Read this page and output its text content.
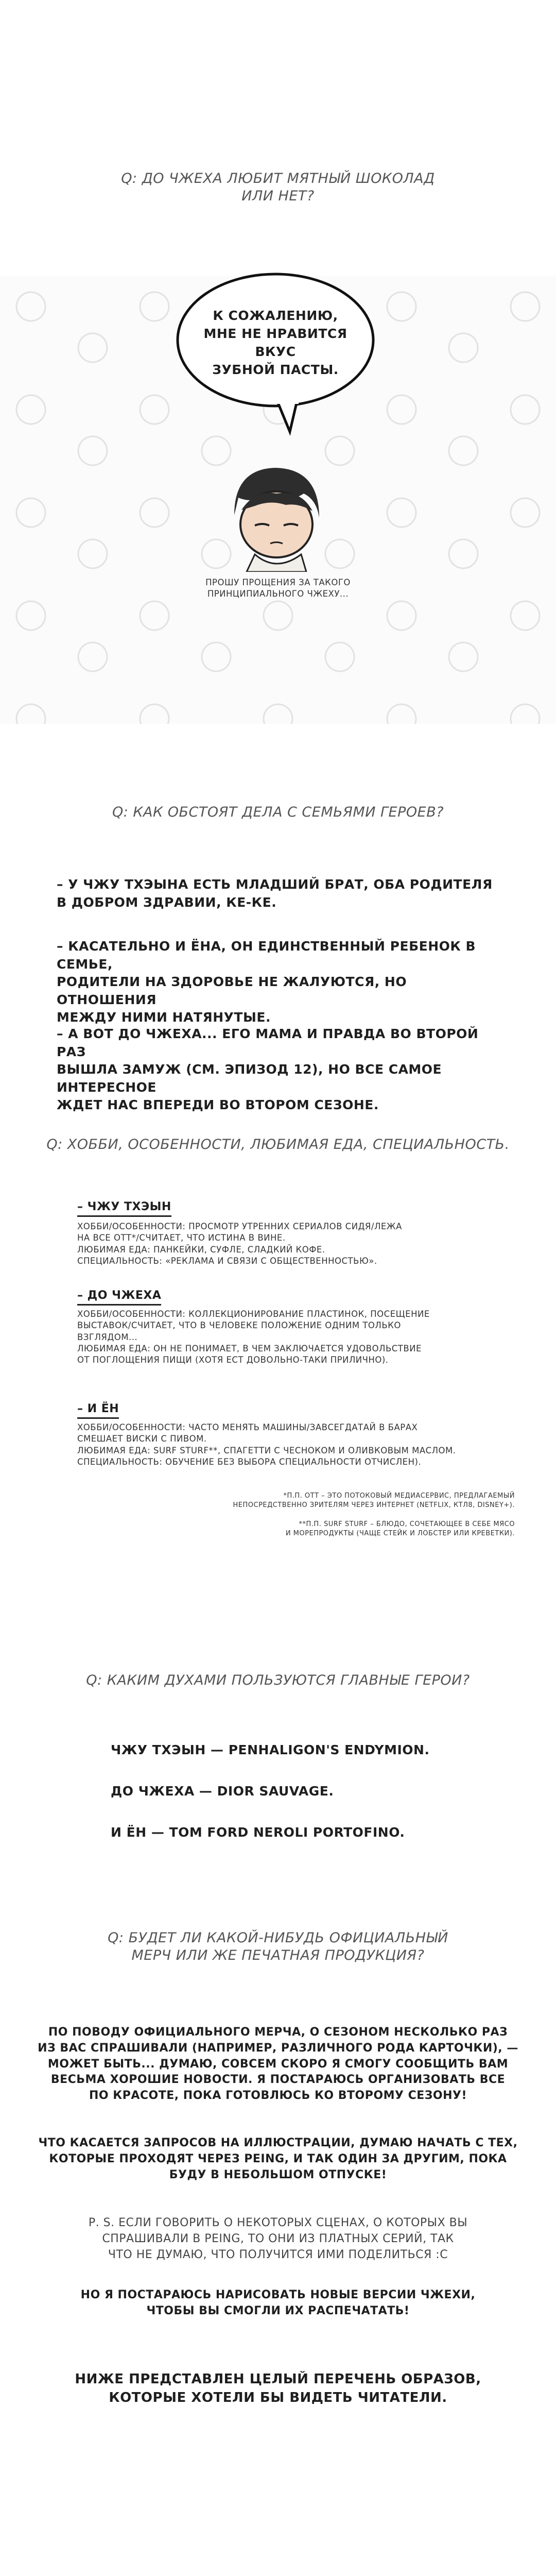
Q: ДО ЧЖЕХА ЛЮБИТ МЯТНЫЙ ШОКОЛАД
ИЛИ НЕТ?
К СОЖАЛЕНИЮ,
МНЕ НЕ НРАВИТСЯ ВКУС
ЗУБНОЙ ПАСТЫ.
ПРОШУ ПРОЩЕНИЯ ЗА ТАКОГО
ПРИНЦИПИАЛЬНОГО ЧЖЕХУ...
Q: КАК ОБСТОЯТ ДЕЛА С СЕМЬЯМИ ГЕРОЕВ?
– У ЧЖУ ТХЭЫНА ЕСТЬ МЛАДШИЙ БРАТ, ОБА РОДИТЕЛЯ
В ДОБРОМ ЗДРАВИИ, КЕ-КЕ.
– КАСАТЕЛЬНО И ЁНА, ОН ЕДИНСТВЕННЫЙ РЕБЕНОК В СЕМЬЕ,
РОДИТЕЛИ НА ЗДОРОВЬЕ НЕ ЖАЛУЮТСЯ, НО ОТНОШЕНИЯ
МЕЖДУ НИМИ НАТЯНУТЫЕ.
– А ВОТ ДО ЧЖЕХА... ЕГО МАМА И ПРАВДА ВО ВТОРОЙ РАЗ
ВЫШЛА ЗАМУЖ (СМ. ЭПИЗОД 12), НО ВСЕ САМОЕ ИНТЕРЕСНОЕ
ЖДЕТ НАС ВПЕРЕДИ ВО ВТОРОМ СЕЗОНЕ.
Q: ХОББИ, ОСОБЕННОСТИ, ЛЮБИМАЯ ЕДА, СПЕЦИАЛЬНОСТЬ.
– ЧЖУ ТХЭЫН
ХОББИ/ОСОБЕННОСТИ: ПРОСМОТР УТРЕННИХ СЕРИАЛОВ СИДЯ/ЛЕЖА
НА ВСЕ ОТТ*/СЧИТАЕТ, ЧТО ИСТИНА В ВИНЕ.
ЛЮБИМАЯ ЕДА: ПАНКЕЙКИ, СУФЛЕ, СЛАДКИЙ КОФЕ.
СПЕЦИАЛЬНОСТЬ: «РЕКЛАМА И СВЯЗИ С ОБЩЕСТВЕННОСТЬЮ».
– ДО ЧЖЕХА
ХОББИ/ОСОБЕННОСТИ: КОЛЛЕКЦИОНИРОВАНИЕ ПЛАСТИНОК, ПОСЕЩЕНИЕ
ВЫСТАВОК/СЧИТАЕТ, ЧТО В ЧЕЛОВЕКЕ ПОЛОЖЕНИЕ ОДНИМ ТОЛЬКО
ВЗГЛЯДОМ...
ЛЮБИМАЯ ЕДА: ОН НЕ ПОНИМАЕТ, В ЧЕМ ЗАКЛЮЧАЕТСЯ УДОВОЛЬСТВИЕ
ОТ ПОГЛОЩЕНИЯ ПИЩИ (ХОТЯ ЕСТ ДОВОЛЬНО-ТАКИ ПРИЛИЧНО).
– И ЁН
ХОББИ/ОСОБЕННОСТИ: ЧАСТО МЕНЯТЬ МАШИНЫ/ЗАВСЕГДАТАЙ В БАРАХ
СМЕШАЕТ ВИСКИ С ПИВОМ.
ЛЮБИМАЯ ЕДА: SURF STURF**, СПАГЕТТИ С ЧЕСНОКОМ И ОЛИВКОВЫМ МАСЛОМ.
СПЕЦИАЛЬНОСТЬ: ОБУЧЕНИЕ БЕЗ ВЫБОРА СПЕЦИАЛЬНОСТИ ОТЧИСЛЕН).
*П.П. ОТТ – ЭТО ПОТОКОВЫЙ МЕДИАСЕРВИС, ПРЕДЛАГАЕМЫЙ
НЕПОСРЕДСТВЕННО ЗРИТЕЛЯМ ЧЕРЕЗ ИНТЕРНЕТ (NETFLIX, КТЛ8, DISNEY+).
**П.П. SURF STURF – БЛЮДО, СОЧЕТАЮЩЕЕ В СЕБЕ МЯСО
И МОРЕПРОДУКТЫ (ЧАЩЕ СТЕЙК И ЛОБСТЕР ИЛИ КРЕВЕТКИ).
Q: КАКИМ ДУХАМИ ПОЛЬЗУЮТСЯ ГЛАВНЫЕ ГЕРОИ?
ЧЖУ ТХЭЫН — PENHALIGON'S ENDYMION.
ДО ЧЖЕХА — DIOR SAUVAGE.
И ЁН — TOM FORD NEROLI PORTOFINO.
Q: БУДЕТ ЛИ КАКОЙ-НИБУДЬ ОФИЦИАЛЬНЫЙ
МЕРЧ ИЛИ ЖЕ ПЕЧАТНАЯ ПРОДУКЦИЯ?
ПО ПОВОДУ ОФИЦИАЛЬНОГО МЕРЧА, О СЕЗОНОМ НЕСКОЛЬКО РАЗ
ИЗ ВАС СПРАШИВАЛИ (НАПРИМЕР, РАЗЛИЧНОГО РОДА КАРТОЧКИ), —
МОЖЕТ БЫТЬ... ДУМАЮ, СОВСЕМ СКОРО Я СМОГУ СООБЩИТЬ ВАМ
ВЕСЬМА ХОРОШИЕ НОВОСТИ. Я ПОСТАРАЮСЬ ОРГАНИЗОВАТЬ ВСЕ
ПО КРАСОТЕ, ПОКА ГОТОВЛЮСЬ КО ВТОРОМУ СЕЗОНУ!
ЧТО КАСАЕТСЯ ЗАПРОСОВ НА ИЛЛЮСТРАЦИИ, ДУМАЮ НАЧАТЬ С ТЕХ,
КОТОРЫЕ ПРОХОДЯТ ЧЕРЕЗ PEING, И ТАК ОДИН ЗА ДРУГИМ, ПОКА
БУДУ В НЕБОЛЬШОМ ОТПУСКЕ!
Р. S. ЕСЛИ ГОВОРИТЬ О НЕКОТОРЫХ СЦЕНАХ, О КОТОРЫХ ВЫ
СПРАШИВАЛИ В PEING, ТО ОНИ ИЗ ПЛАТНЫХ СЕРИЙ, ТАК
ЧТО НЕ ДУМАЮ, ЧТО ПОЛУЧИТСЯ ИМИ ПОДЕЛИТЬСЯ :С
НО Я ПОСТАРАЮСЬ НАРИСОВАТЬ НОВЫЕ ВЕРСИИ ЧЖЕХИ,
ЧТОБЫ ВЫ СМОГЛИ ИХ РАСПЕЧАТАТЬ!
НИЖЕ ПРЕДСТАВЛЕН ЦЕЛЫЙ ПЕРЕЧЕНЬ ОБРАЗОВ,
КОТОРЫЕ ХОТЕЛИ БЫ ВИДЕТЬ ЧИТАТЕЛИ.
